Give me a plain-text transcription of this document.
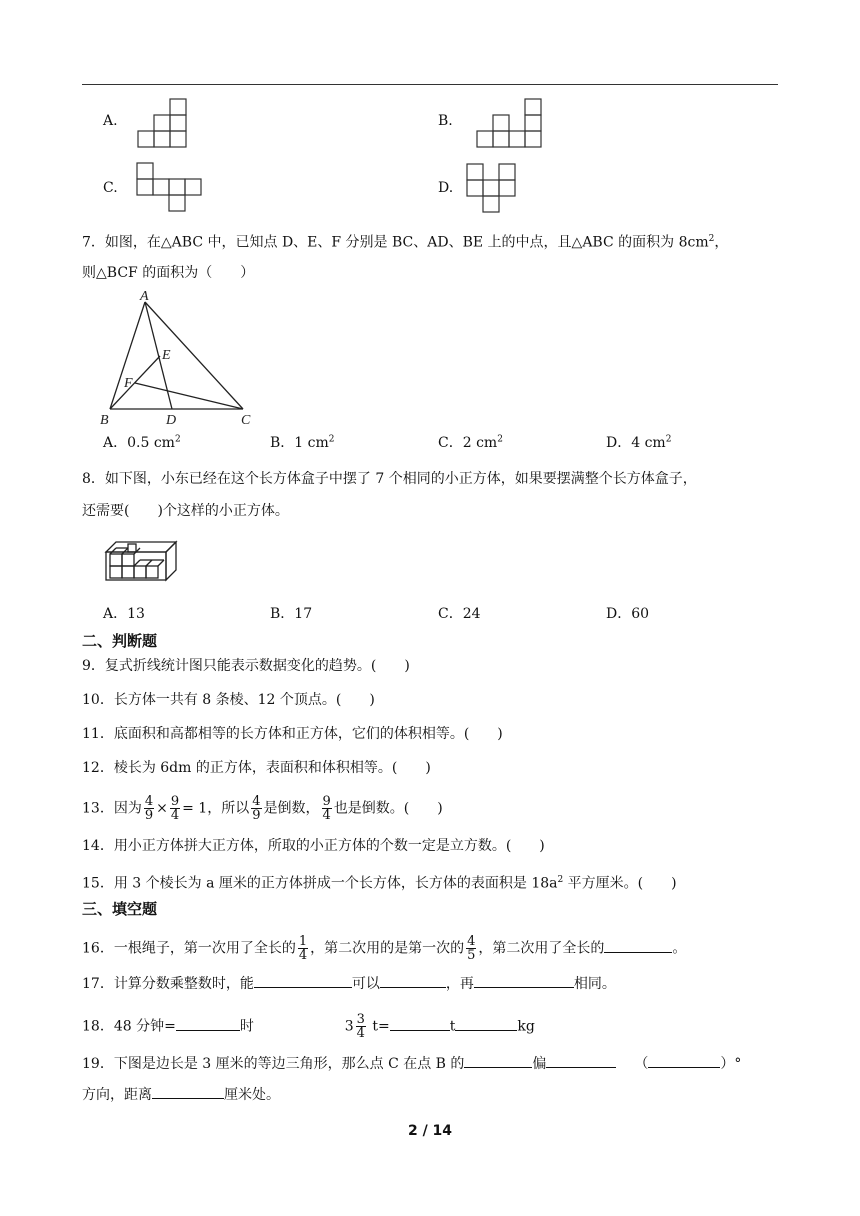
A.	B.
C.	D.
7．如图，在△ABC 中，已知点 D、E、F 分别是 BC、AD、BE 上的中点，且△ABC 的面积为 $8cm^2$，
则△BCF 的面积为（　　）
A
B	C
D
E
F
A．0.5 $cm^2$	B．1 $cm^2$	C．2 $cm^2$	D．4 $cm^2$
8．如下图，小东已经在这个长方体盒子中摆了 7 个相同的小正方体，如果要摆满整个长方体盒子，
还需要(　　)个这样的小正方体。
A．13	B．17	C．24	D．60
二、判断题
9．复式折线统计图只能表示数据变化的趋势。(　　)
10．长方体一共有 8 条棱、12 个顶点。(　　)
11．底面积和高都相等的长方体和正方体，它们的体积相等。(　　)
12．棱长为 6dm 的正方体，表面积和体积相等。(　　)
13．因为 $\frac{4}{9} \times \frac{9}{4} = 1$，所以 $\frac{4}{9}$ 是倒数， $\frac{9}{4}$ 也是倒数。(　　)
14．用小正方体拼大正方体，所取的小正方体的个数一定是立方数。(　　)
15．用 3 个棱长为 a 厘米的正方体拼成一个长方体，长方体的表面积是 $18a^2$ 平方厘米。(　　)
三、填空题
16．一根绳子，第一次用了全长的 $\frac{1}{4}$ ，第二次用的是第一次的 $\frac{4}{5}$ ，第二次用了全长的	。
17．计算分数乘整数时，能	可以	，再	相同。
18．48 分钟=	时	$3 \frac{3}{4} t=$	t	kg
19．下图是边长是 3 厘米的等边三角形，那么点 C 在点 B 的	偏	（	）°
方向，距离	厘米处。
2 / 14
